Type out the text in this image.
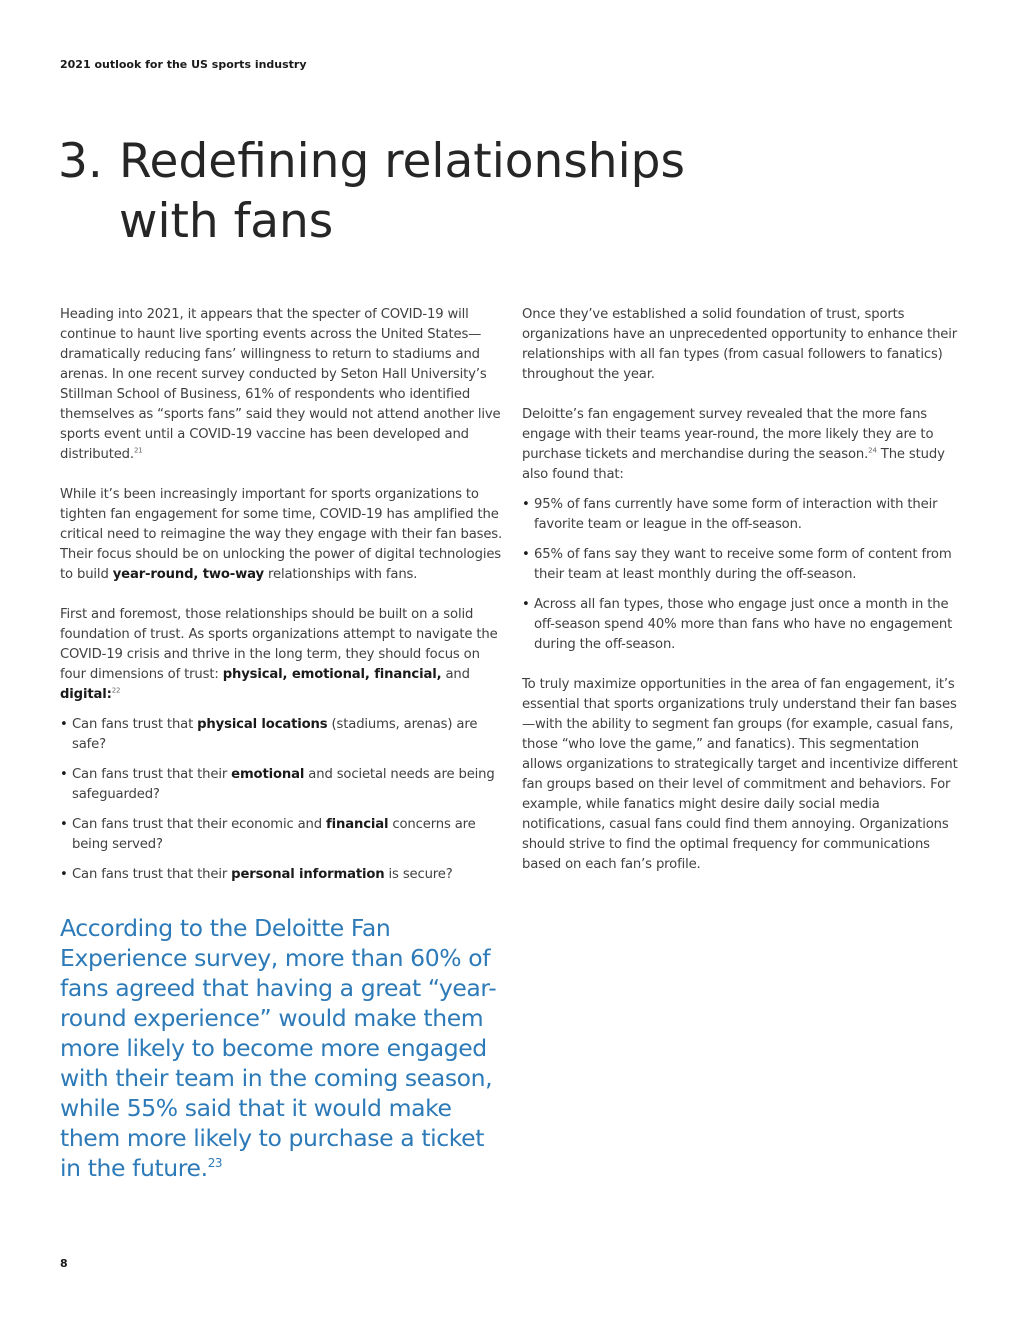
2021 outlook for the US sports industry
3. Redefining relationships with fans

Heading into 2021, it appears that the specter of COVID-19 will continue to haunt live sporting events across the United States—dramatically reducing fans’ willingness to return to stadiums and arenas. In one recent survey conducted by Seton Hall University’s Stillman School of Business, 61% of respondents who identified themselves as “sports fans” said they would not attend another live sports event until a COVID-19 vaccine has been developed and distributed.$^{21}$

While it’s been increasingly important for sports organizations to tighten fan engagement for some time, COVID-19 has amplified the critical need to reimagine the way they engage with their fan bases. Their focus should be on unlocking the power of digital technologies to build year-round, two-way relationships with fans.

First and foremost, those relationships should be built on a solid foundation of trust. As sports organizations attempt to navigate the COVID-19 crisis and thrive in the long term, they should focus on four dimensions of trust: physical, emotional, financial, and digital:$^{22}$

• Can fans trust that physical locations (stadiums, arenas) are safe?
• Can fans trust that their emotional and societal needs are being safeguarded?
• Can fans trust that their economic and financial concerns are being served?
• Can fans trust that their personal information is secure?
According to the Deloitte Fan Experience survey, more than 60% of fans agreed that having a great “year-round experience” would make them more likely to become more engaged with their team in the coming season, while 55% said that it would make them more likely to purchase a ticket in the future.$^{23}$

Once they’ve established a solid foundation of trust, sports organizations have an unprecedented opportunity to enhance their relationships with all fan types (from casual followers to fanatics) throughout the year.

Deloitte’s fan engagement survey revealed that the more fans engage with their teams year-round, the more likely they are to purchase tickets and merchandise during the season.$^{24}$ The study also found that:

• 95% of fans currently have some form of interaction with their favorite team or league in the off-season.
• 65% of fans say they want to receive some form of content from their team at least monthly during the off-season.
• Across all fan types, those who engage just once a month in the off-season spend 40% more than fans who have no engagement during the off-season.

To truly maximize opportunities in the area of fan engagement, it’s essential that sports organizations truly understand their fan bases—with the ability to segment fan groups (for example, casual fans, those “who love the game,” and fanatics). This segmentation allows organizations to strategically target and incentivize different fan groups based on their level of commitment and behaviors. For example, while fanatics might desire daily social media notifications, casual fans could find them annoying. Organizations should strive to find the optimal frequency for communications based on each fan’s profile.

8
